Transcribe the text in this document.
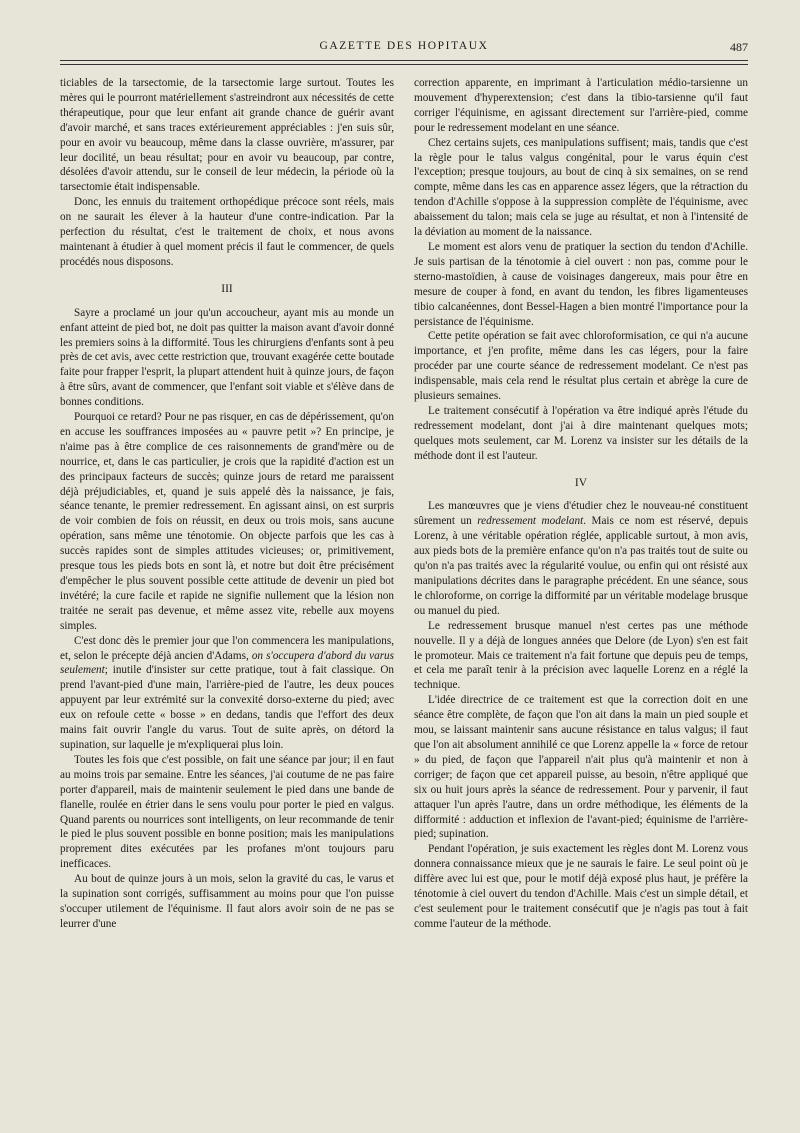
GAZETTE DES HOPITAUX	487

ticiables de la tarsectomie, de la tarsectomie large surtout. Toutes les mères qui le pourront matériellement s'astreindront aux nécessités de cette thérapeutique, pour que leur enfant ait grande chance de guérir avant d'avoir marché, et sans traces extérieurement appréciables : j'en suis sûr, pour en avoir vu beaucoup, même dans la classe ouvrière, m'assurer, par leur docilité, un beau résultat; pour en avoir vu beaucoup, par contre, désolées d'avoir attendu, sur le conseil de leur médecin, la période où la tarsectomie était indispensable.

Donc, les ennuis du traitement orthopédique précoce sont réels, mais on ne saurait les élever à la hauteur d'une contre-indication. Par la perfection du résultat, c'est le traitement de choix, et nous avons maintenant à étudier à quel moment précis il faut le commencer, de quels procédés nous disposons.

III

Sayre a proclamé un jour qu'un accoucheur, ayant mis au monde un enfant atteint de pied bot, ne doit pas quitter la maison avant d'avoir donné les premiers soins à la difformité. Tous les chirurgiens d'enfants sont à peu près de cet avis, avec cette restriction que, trouvant exagérée cette boutade faite pour frapper l'esprit, la plupart attendent huit à quinze jours, de façon à être sûrs, avant de commencer, que l'enfant soit viable et s'élève dans de bonnes conditions.

Pourquoi ce retard? Pour ne pas risquer, en cas de dépérissement, qu'on en accuse les souffrances imposées au « pauvre petit »? En principe, je n'aime pas à être complice de ces raisonnements de grand'mère ou de nourrice, et, dans le cas particulier, je crois que la rapidité d'action est un des principaux facteurs de succès; quinze jours de retard me paraissent déjà préjudiciables, et, quand je suis appelé dès la naissance, je fais, séance tenante, le premier redressement. En agissant ainsi, on est surpris de voir combien de fois on réussit, en deux ou trois mois, sans aucune opération, sans même une ténotomie. On objecte parfois que les cas à succès rapides sont de simples attitudes vicieuses; or, primitivement, presque tous les pieds bots en sont là, et notre but doit être précisément d'empêcher le plus souvent possible cette attitude de devenir un pied bot invétéré; la cure facile et rapide ne signifie nullement que la lésion non traitée ne serait pas devenue, et même assez vite, rebelle aux moyens simples.

C'est donc dès le premier jour que l'on commencera les manipulations, et, selon le précepte déjà ancien d'Adams, on s'occupera d'abord du varus seulement; inutile d'insister sur cette pratique, tout à fait classique. On prend l'avant-pied d'une main, l'arrière-pied de l'autre, les deux pouces appuyent par leur extrémité sur la convexité dorso-externe du pied; avec eux on refoule cette « bosse » en dedans, tandis que l'effort des deux mains fait ouvrir l'angle du varus. Tout de suite après, on détord la supination, sur laquelle je m'expliquerai plus loin.

Toutes les fois que c'est possible, on fait une séance par jour; il en faut au moins trois par semaine. Entre les séances, j'ai coutume de ne pas faire porter d'appareil, mais de maintenir seulement le pied dans une bande de flanelle, roulée en étrier dans le sens voulu pour porter le pied en valgus. Quand parents ou nourrices sont intelligents, on leur recommande de tenir le pied le plus souvent possible en bonne position; mais les manipulations proprement dites exécutées par les profanes m'ont toujours paru inefficaces.

Au bout de quinze jours à un mois, selon la gravité du cas, le varus et la supination sont corrigés, suffisamment au moins pour que l'on puisse s'occuper utilement de l'équinisme. Il faut alors avoir soin de ne pas se leurrer d'une

correction apparente, en imprimant à l'articulation médio-tarsienne un mouvement d'hyperextension; c'est dans la tibio-tarsienne qu'il faut corriger l'équinisme, en agissant directement sur l'arrière-pied, comme pour le redressement modelant en une séance.

Chez certains sujets, ces manipulations suffisent; mais, tandis que c'est la règle pour le talus valgus congénital, pour le varus équin c'est l'exception; presque toujours, au bout de cinq à six semaines, on se rend compte, même dans les cas en apparence assez légers, que la rétraction du tendon d'Achille s'oppose à la suppression complète de l'équinisme, avec abaissement du talon; mais cela se juge au résultat, et non à l'intensité de la déviation au moment de la naissance.

Le moment est alors venu de pratiquer la section du tendon d'Achille. Je suis partisan de la ténotomie à ciel ouvert : non pas, comme pour le sterno-mastoïdien, à cause de voisinages dangereux, mais pour être en mesure de couper à fond, en avant du tendon, les fibres ligamenteuses tibio calcanéennes, dont Bessel-Hagen a bien montré l'importance pour la persistance de l'équinisme.

Cette petite opération se fait avec chloroformisation, ce qui n'a aucune importance, et j'en profite, même dans les cas légers, pour la faire procéder par une courte séance de redressement modelant. Ce n'est pas indispensable, mais cela rend le résultat plus certain et abrège la cure de plusieurs semaines.

Le traitement consécutif à l'opération va être indiqué après l'étude du redressement modelant, dont j'ai à dire maintenant quelques mots; quelques mots seulement, car M. Lorenz va insister sur les détails de la méthode dont il est l'auteur.

IV

Les manœuvres que je viens d'étudier chez le nouveau-né constituent sûrement un redressement modelant. Mais ce nom est réservé, depuis Lorenz, à une véritable opération réglée, applicable surtout, à mon avis, aux pieds bots de la première enfance qu'on n'a pas traités tout de suite ou qu'on n'a pas traités avec la régularité voulue, ou enfin qui ont résisté aux manipulations décrites dans le paragraphe précédent. En une séance, sous le chloroforme, on corrige la difformité par un véritable modelage brusque ou manuel du pied.

Le redressement brusque manuel n'est certes pas une méthode nouvelle. Il y a déjà de longues années que Delore (de Lyon) s'en est fait le promoteur. Mais ce traitement n'a fait fortune que depuis peu de temps, et cela me paraît tenir à la précision avec laquelle Lorenz en a réglé la technique.

L'idée directrice de ce traitement est que la correction doit en une séance être complète, de façon que l'on ait dans la main un pied souple et mou, se laissant maintenir sans aucune résistance en talus valgus; il faut que l'on ait absolument annihilé ce que Lorenz appelle la « force de retour » du pied, de façon que l'appareil n'ait plus qu'à maintenir et non à corriger; de façon que cet appareil puisse, au besoin, n'être appliqué que six ou huit jours après la séance de redressement. Pour y parvenir, il faut attaquer l'un après l'autre, dans un ordre méthodique, les éléments de la difformité : adduction et inflexion de l'avant-pied; équinisme de l'arrière-pied; supination.

Pendant l'opération, je suis exactement les règles dont M. Lorenz vous donnera connaissance mieux que je ne saurais le faire. Le seul point où je diffère avec lui est que, pour le motif déjà exposé plus haut, je préfère la ténotomie à ciel ouvert du tendon d'Achille. Mais c'est un simple détail, et c'est seulement pour le traitement consécutif que je n'agis pas tout à fait comme l'auteur de la méthode.
